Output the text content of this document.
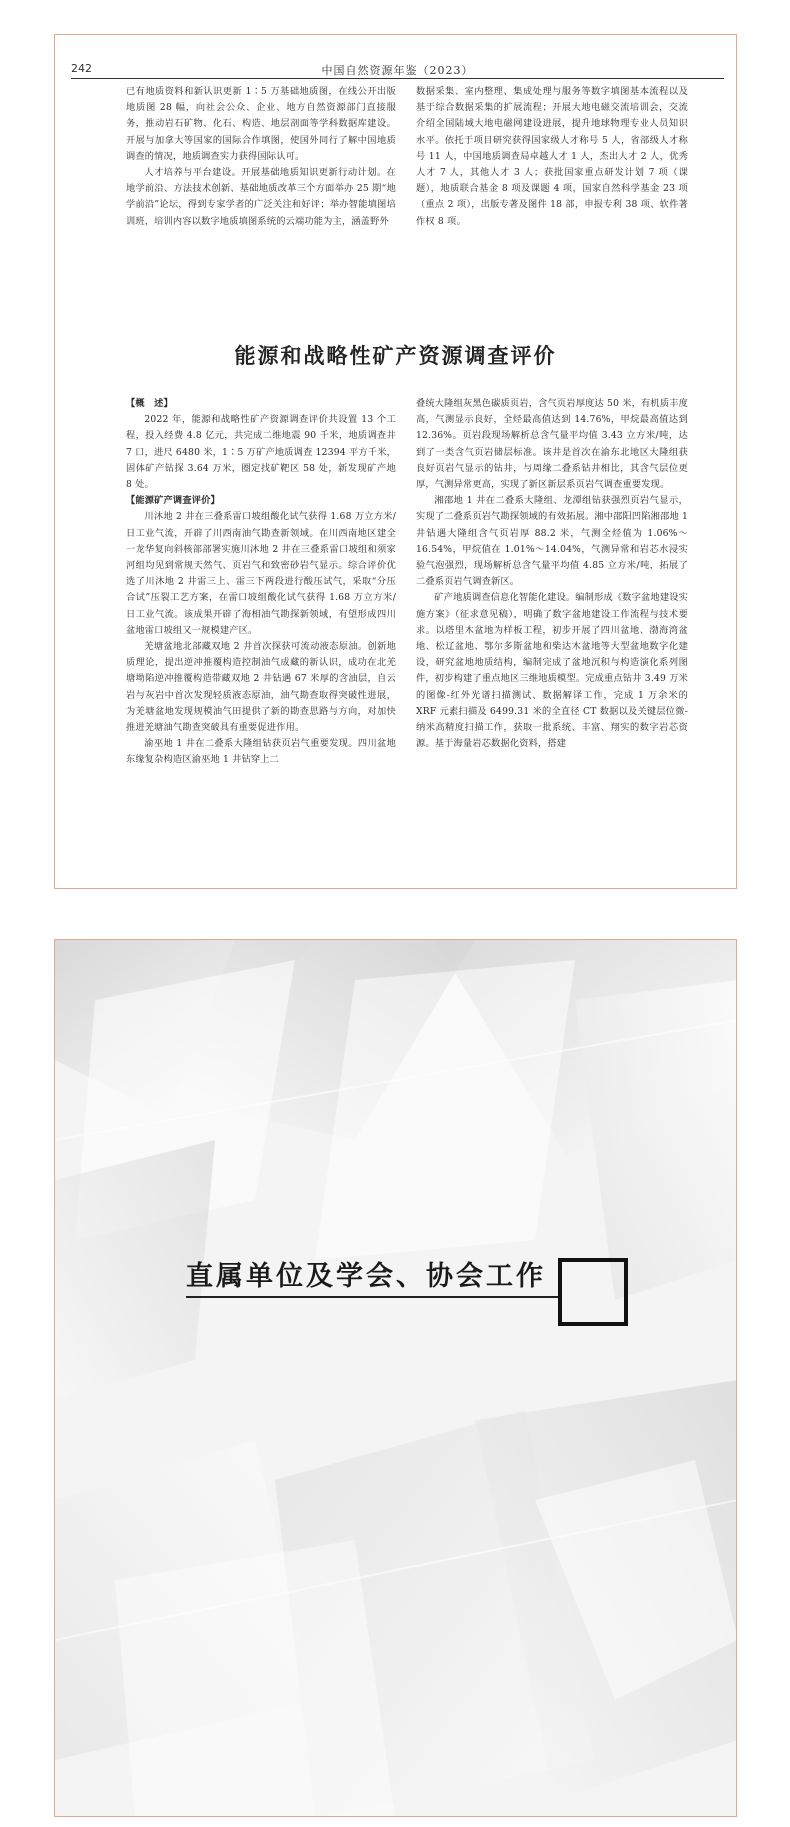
242	中国自然资源年鉴（2023）

已有地质资料和新认识更新 1∶5 万基础地质图，在线公开出版地质图 28 幅，向社会公众、企业、地方自然资源部门直接服务，推动岩石矿物、化石、构造、地层剖面等学科数据库建设。开展与加拿大等国家的国际合作填图，使国外同行了解中国地质调查的情况，地质调查实力获得国际认可。

人才培养与平台建设。开展基础地质知识更新行动计划。在地学前沿、方法技术创新、基础地质改革三个方面举办 25 期“地学前沿”论坛，得到专家学者的广泛关注和好评；举办智能填图培训班，培训内容以数字地质填图系统的云端功能为主，涵盖野外

数据采集、室内整理、集成处理与服务等数字填图基本流程以及基于综合数据采集的扩展流程；开展大地电磁交流培训会，交流介绍全国陆域大地电磁网建设进展，提升地球物理专业人员知识水平。依托于项目研究获得国家级人才称号 5 人，省部级人才称号 11 人，中国地质调查局卓越人才 1 人，杰出人才 2 人，优秀人才 7 人，其他人才 3 人；获批国家重点研发计划 7 项（课题），地质联合基金 8 项及课题 4 项，国家自然科学基金 23 项（重点 2 项），出版专著及图件 18 部，申报专利 38 项、软件著作权 8 项。

能源和战略性矿产资源调查评价

【概　述】

2022 年，能源和战略性矿产资源调查评价共设置 13 个工程，投入经费 4.8 亿元，共完成二维地震 90 千米，地质调查井 7 口，进尺 6480 米，1∶5 万矿产地质调查 12394 平方千米，固体矿产钻探 3.64 万米，圈定找矿靶区 58 处，新发现矿产地 8 处。

【能源矿产调查评价】

川沐地 2 井在三叠系雷口坡组酸化试气获得 1.68 万立方米/日工业气流，开辟了川西南油气勘查新领域。在川西南地区建全一龙华复向斜核部部署实施川沐地 2 井在三叠系雷口坡组和须家河组均见到常规天然气、页岩气和致密砂岩气显示。综合评价优选了川沐地 2 井雷三上、雷三下两段进行酸压试气，采取“分压合试”压裂工艺方案，在雷口坡组酸化试气获得 1.68 万立方米/日工业气流。该成果开辟了海相油气勘探新领域，有望形成四川盆地雷口坡组又一规模建产区。

羌塘盆地北部藏双地 2 井首次探获可流动液态原油。创新地质理论，提出逆冲推覆构造控制油气成藏的新认识，成功在北羌塘坳陷逆冲推覆构造带藏双地 2 井钻遇 67 米厚的含油层，自云岩与灰岩中首次发现轻质液态原油，油气勘查取得突破性进展，为羌塘盆地发现规模油气田提供了新的勘查思路与方向，对加快推进羌塘油气勘查突破具有重要促进作用。

渝巫地 1 井在二叠系大隆组钻获页岩气重要发现。四川盆地东缘复杂构造区渝巫地 1 井钻穿上二

叠统大隆组灰黑色碳质页岩，含气页岩厚度达 50 米，有机质丰度高，气测显示良好，全烃最高值达到 14.76%，甲烷最高值达到 12.36%。页岩段现场解析总含气量平均值 3.43 立方米/吨，达到了一类含气页岩储层标准。该井是首次在渝东北地区大隆组获良好页岩气显示的钻井，与周缘二叠系钻井相比，其含气层位更厚，气测异常更高，实现了新区新层系页岩气调查重要发现。

湘邵地 1 井在二叠系大隆组、龙潭组钻获强烈页岩气显示，实现了二叠系页岩气勘探领域的有效拓展。湘中邵阳凹陷湘邵地 1 井钻遇大隆组含气页岩厚 88.2 米，气测全烃值为 1.06%～16.54%，甲烷值在 1.01%～14.04%，气测异常和岩芯水浸实验气泡强烈，现场解析总含气量平均值 4.85 立方米/吨，拓展了二叠系页岩气调查新区。

矿产地质调查信息化智能化建设。编制形成《数字盆地建设实施方案》（征求意见稿），明确了数字盆地建设工作流程与技术要求。以塔里木盆地为样板工程，初步开展了四川盆地、渤海湾盆地、松辽盆地、鄂尔多斯盆地和柴达木盆地等大型盆地数字化建设，研究盆地地质结构，编制完成了盆地沉积与构造演化系列图件，初步构建了重点地区三维地质模型。完成重点钻井 3.49 万米的图像-红外光谱扫描测试、数据解译工作，完成 1 万余米的 XRF 元素扫描及 6499.31 米的全直径 CT 数据以及关键层位微-纳米高精度扫描工作，获取一批系统、丰富、翔实的数字岩芯资源。基于海量岩芯数据化资料，搭建

直属单位及学会、协会工作
